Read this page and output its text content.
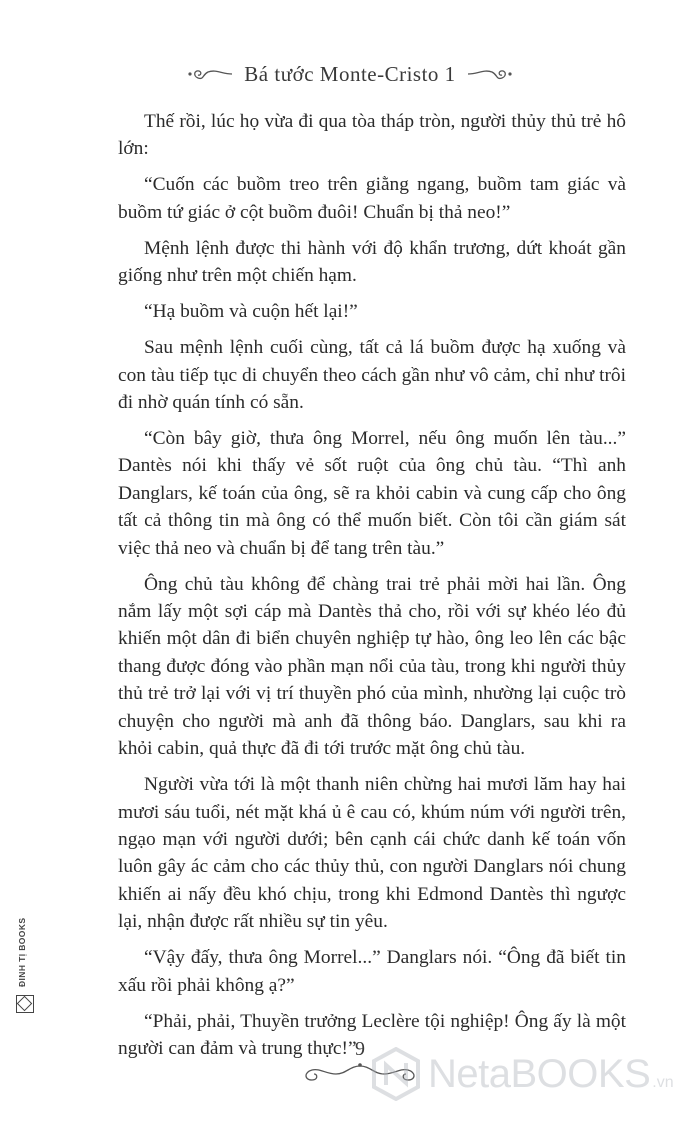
Bá tước Monte-Cristo 1

Thế rồi, lúc họ vừa đi qua tòa tháp tròn, người thủy thủ trẻ hô lớn:

“Cuốn các buồm treo trên giằng ngang, buồm tam giác và buồm tứ giác ở cột buồm đuôi! Chuẩn bị thả neo!”

Mệnh lệnh được thi hành với độ khẩn trương, dứt khoát gần giống như trên một chiến hạm.

“Hạ buồm và cuộn hết lại!”

Sau mệnh lệnh cuối cùng, tất cả lá buồm được hạ xuống và con tàu tiếp tục di chuyển theo cách gần như vô cảm, chỉ như trôi đi nhờ quán tính có sẵn.

“Còn bây giờ, thưa ông Morrel, nếu ông muốn lên tàu...” Dantès nói khi thấy vẻ sốt ruột của ông chủ tàu. “Thì anh Danglars, kế toán của ông, sẽ ra khỏi cabin và cung cấp cho ông tất cả thông tin mà ông có thể muốn biết. Còn tôi cần giám sát việc thả neo và chuẩn bị để tang trên tàu.”

Ông chủ tàu không để chàng trai trẻ phải mời hai lần. Ông nắm lấy một sợi cáp mà Dantès thả cho, rồi với sự khéo léo đủ khiến một dân đi biển chuyên nghiệp tự hào, ông leo lên các bậc thang được đóng vào phần mạn nổi của tàu, trong khi người thủy thủ trẻ trở lại với vị trí thuyền phó của mình, nhường lại cuộc trò chuyện cho người mà anh đã thông báo. Danglars, sau khi ra khỏi cabin, quả thực đã đi tới trước mặt ông chủ tàu.

Người vừa tới là một thanh niên chừng hai mươi lăm hay hai mươi sáu tuổi, nét mặt khá ủ ê cau có, khúm núm với người trên, ngạo mạn với người dưới; bên cạnh cái chức danh kế toán vốn luôn gây ác cảm cho các thủy thủ, con người Danglars nói chung khiến ai nấy đều khó chịu, trong khi Edmond Dantès thì ngược lại, nhận được rất nhiều sự tin yêu.

“Vậy đấy, thưa ông Morrel...” Danglars nói. “Ông đã biết tin xấu rồi phải không ạ?”

“Phải, phải, Thuyền trưởng Leclère tội nghiệp! Ông ấy là một người can đảm và trung thực!”

ĐINH TỊ BOOKS
9
NetaBOOKS .vn
